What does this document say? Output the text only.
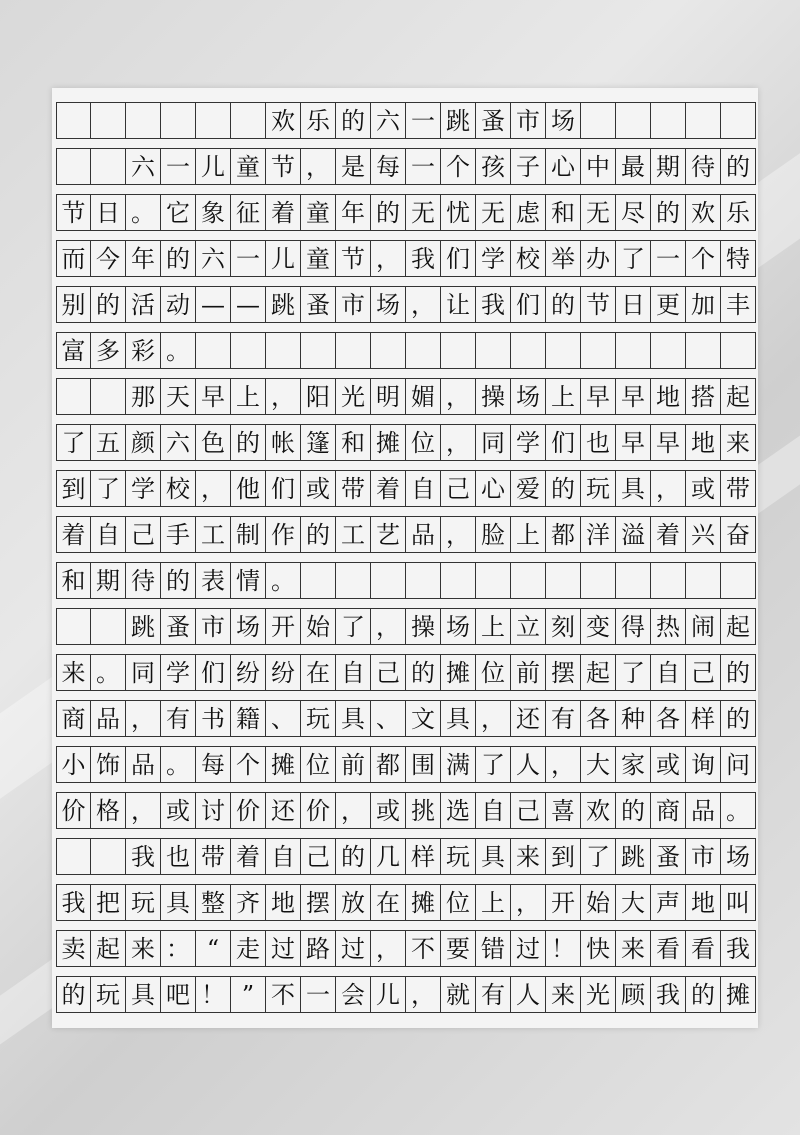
欢 乐 的 六 一 跳 蚤 市 场
六 一 儿 童 节 ， 是 每 一 个 孩 子 心 中 最 期 待 的
节 日 。 它 象 征 着 童 年 的 无 忧 无 虑 和 无 尽 的 欢 乐
而 今 年 的 六 一 儿 童 节 ， 我 们 学 校 举 办 了 一 个 特
别 的 活 动 — — 跳 蚤 市 场 ， 让 我 们 的 节 日 更 加 丰
富 多 彩 。
那 天 早 上 ， 阳 光 明 媚 ， 操 场 上 早 早 地 搭 起
了 五 颜 六 色 的 帐 篷 和 摊 位 ， 同 学 们 也 早 早 地 来
到 了 学 校 ， 他 们 或 带 着 自 己 心 爱 的 玩 具 ， 或 带
着 自 己 手 工 制 作 的 工 艺 品 ， 脸 上 都 洋 溢 着 兴 奋
和 期 待 的 表 情 。
跳 蚤 市 场 开 始 了 ， 操 场 上 立 刻 变 得 热 闹 起
来 。 同 学 们 纷 纷 在 自 己 的 摊 位 前 摆 起 了 自 己 的
商 品 ， 有 书 籍 、 玩 具 、 文 具 ， 还 有 各 种 各 样 的
小 饰 品 。 每 个 摊 位 前 都 围 满 了 人 ， 大 家 或 询 问
价 格 ， 或 讨 价 还 价 ， 或 挑 选 自 己 喜 欢 的 商 品 。
我 也 带 着 自 己 的 几 样 玩 具 来 到 了 跳 蚤 市 场
我 把 玩 具 整 齐 地 摆 放 在 摊 位 上 ， 开 始 大 声 地 叫
卖 起 来 ： “ 走 过 路 过 ， 不 要 错 过 ！ 快 来 看 看 我
的 玩 具 吧 ！ ” 不 一 会 儿 ， 就 有 人 来 光 顾 我 的 摊
